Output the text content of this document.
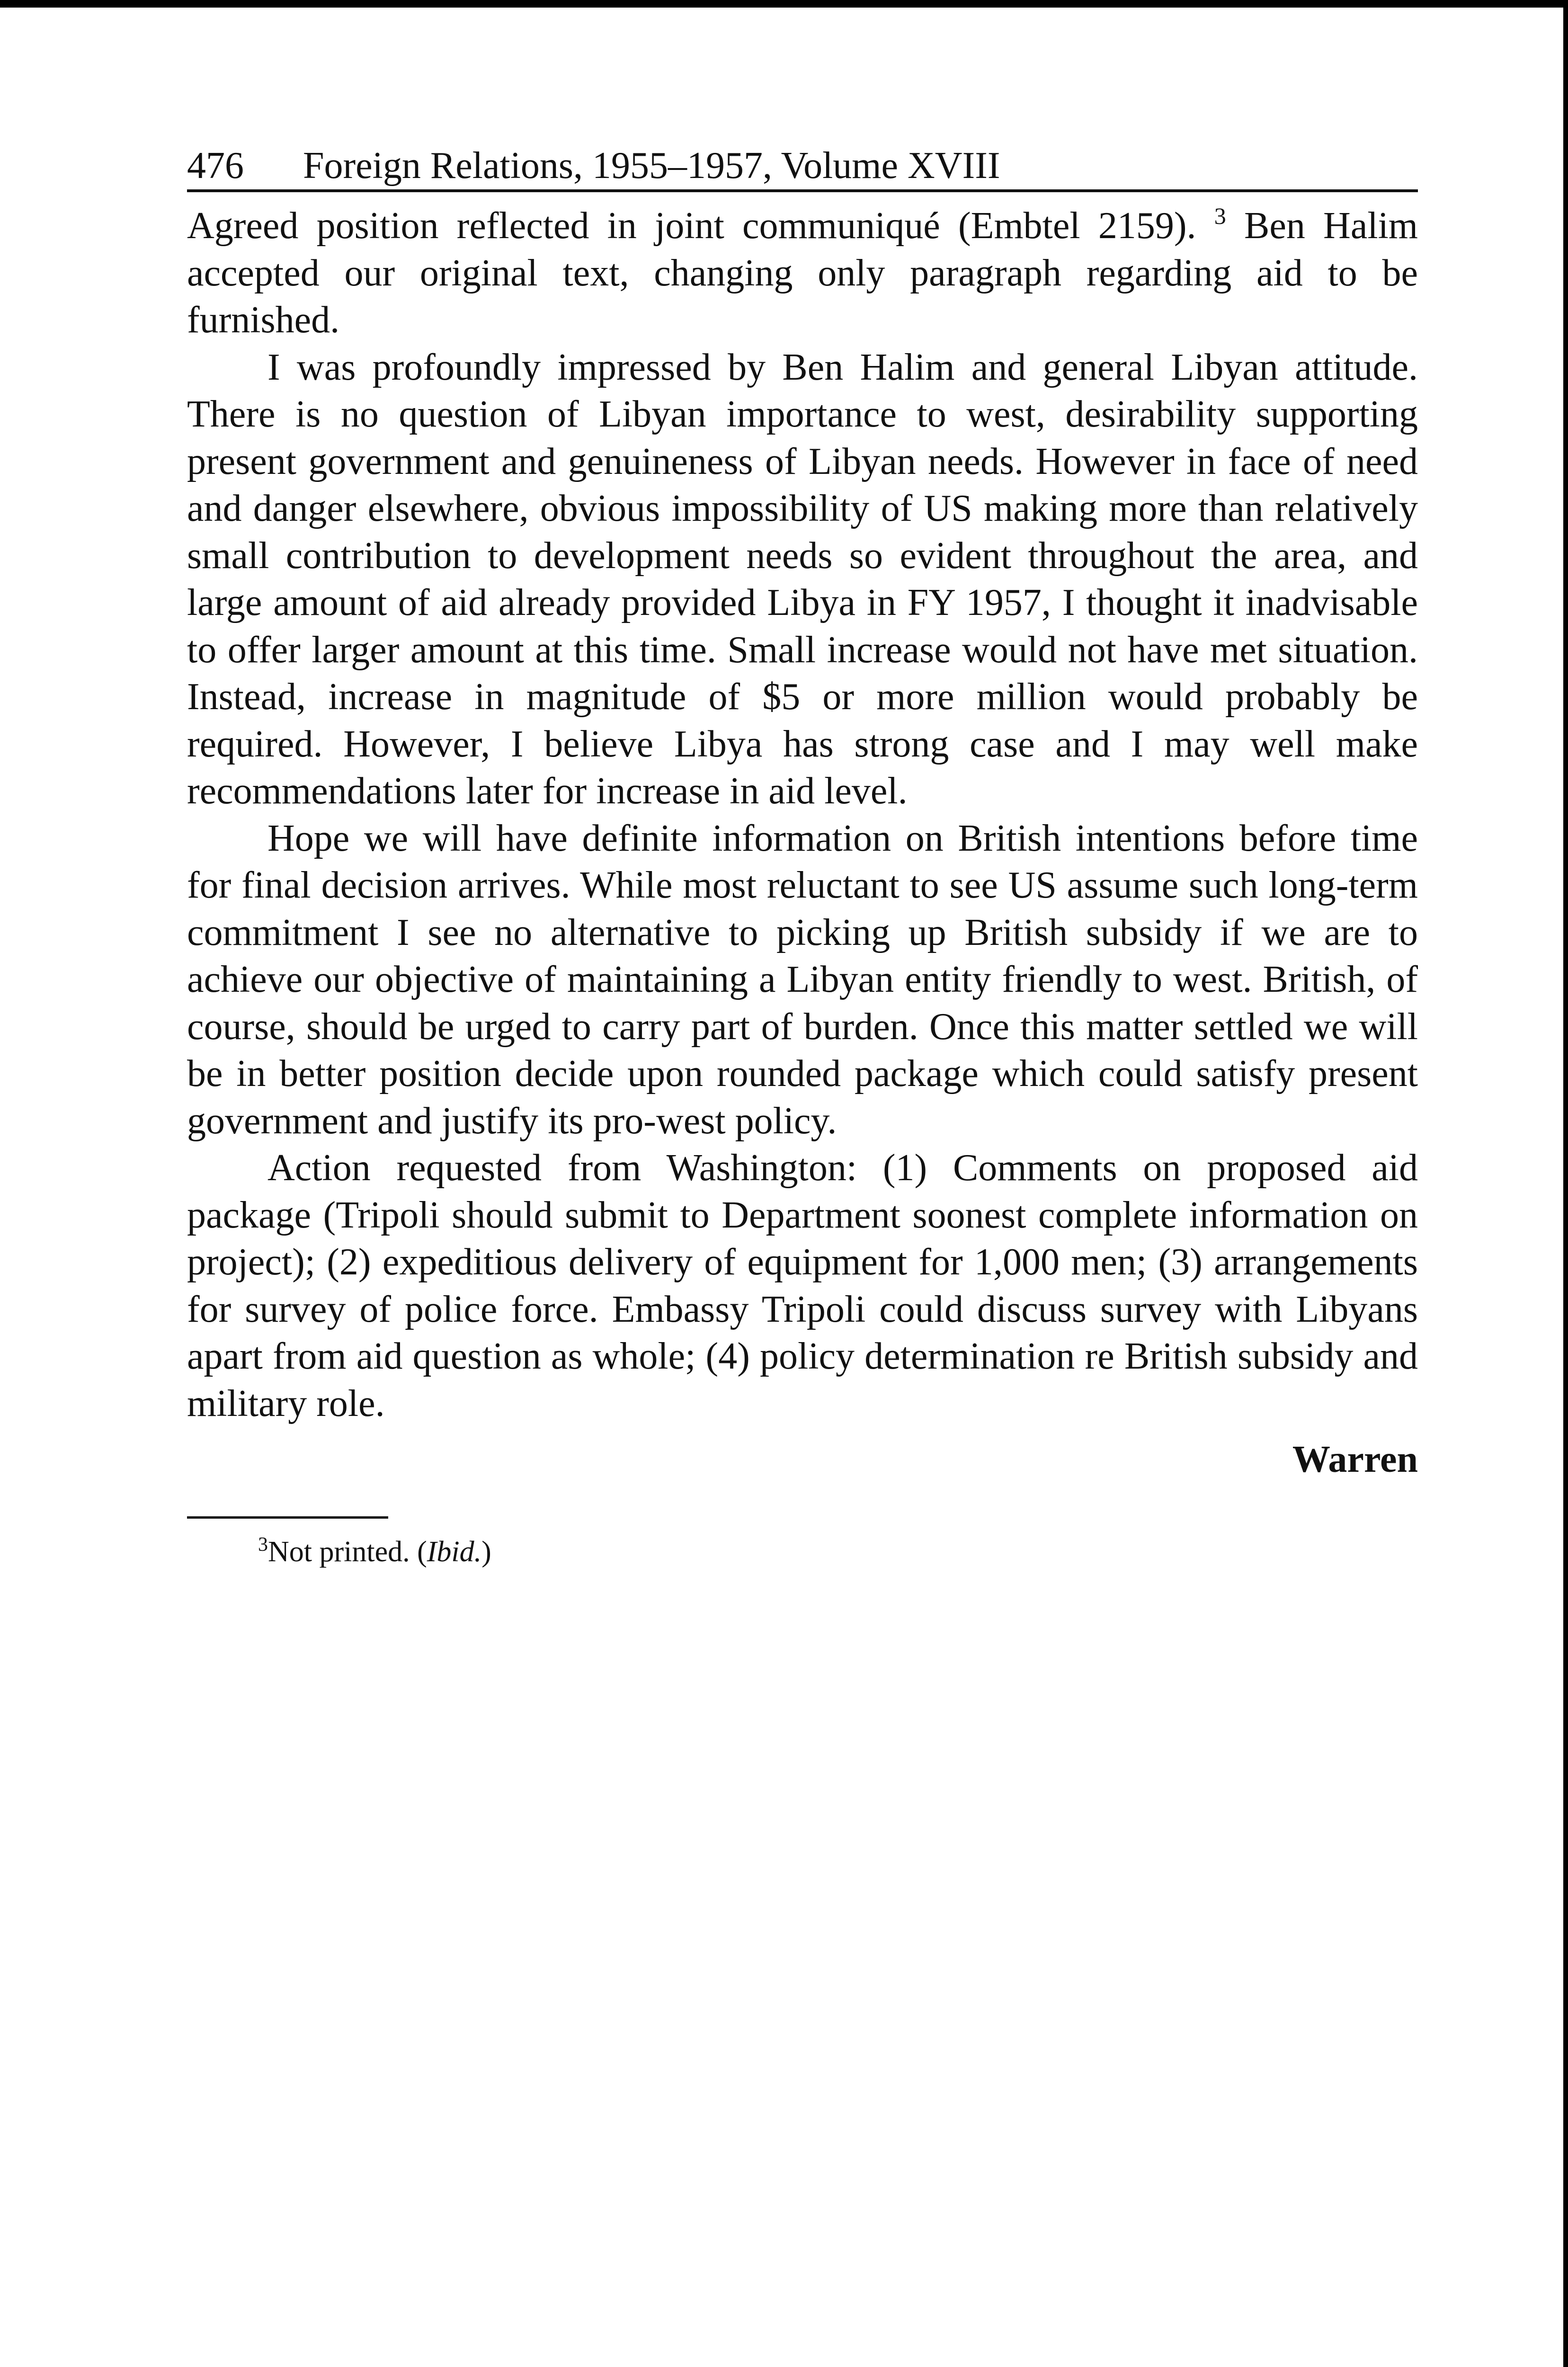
476 Foreign Relations, 1955–1957, Volume XVIII

Agreed position reflected in joint communiqué (Embtel 2159). $^3$ Ben Halim accepted our original text, changing only paragraph regarding aid to be furnished.

I was profoundly impressed by Ben Halim and general Libyan attitude. There is no question of Libyan importance to west, desirability supporting present government and genuineness of Libyan needs. However in face of need and danger elsewhere, obvious impossibility of US making more than relatively small contribution to development needs so evident throughout the area, and large amount of aid already provided Libya in FY 1957, I thought it inadvisable to offer larger amount at this time. Small increase would not have met situation. Instead, increase in magnitude of $5 or more million would probably be required. However, I believe Libya has strong case and I may well make recommendations later for increase in aid level.

Hope we will have definite information on British intentions before time for final decision arrives. While most reluctant to see US assume such long-term commitment I see no alternative to picking up British subsidy if we are to achieve our objective of maintaining a Libyan entity friendly to west. British, of course, should be urged to carry part of burden. Once this matter settled we will be in better position decide upon rounded package which could satisfy present government and justify its pro-west policy.

Action requested from Washington: (1) Comments on proposed aid package (Tripoli should submit to Department soonest complete information on project); (2) expeditious delivery of equipment for 1,000 men; (3) arrangements for survey of police force. Embassy Tripoli could discuss survey with Libyans apart from aid question as whole; (4) policy determination re British subsidy and military role.

Warren
$^3$Not printed. (Ibid.)
